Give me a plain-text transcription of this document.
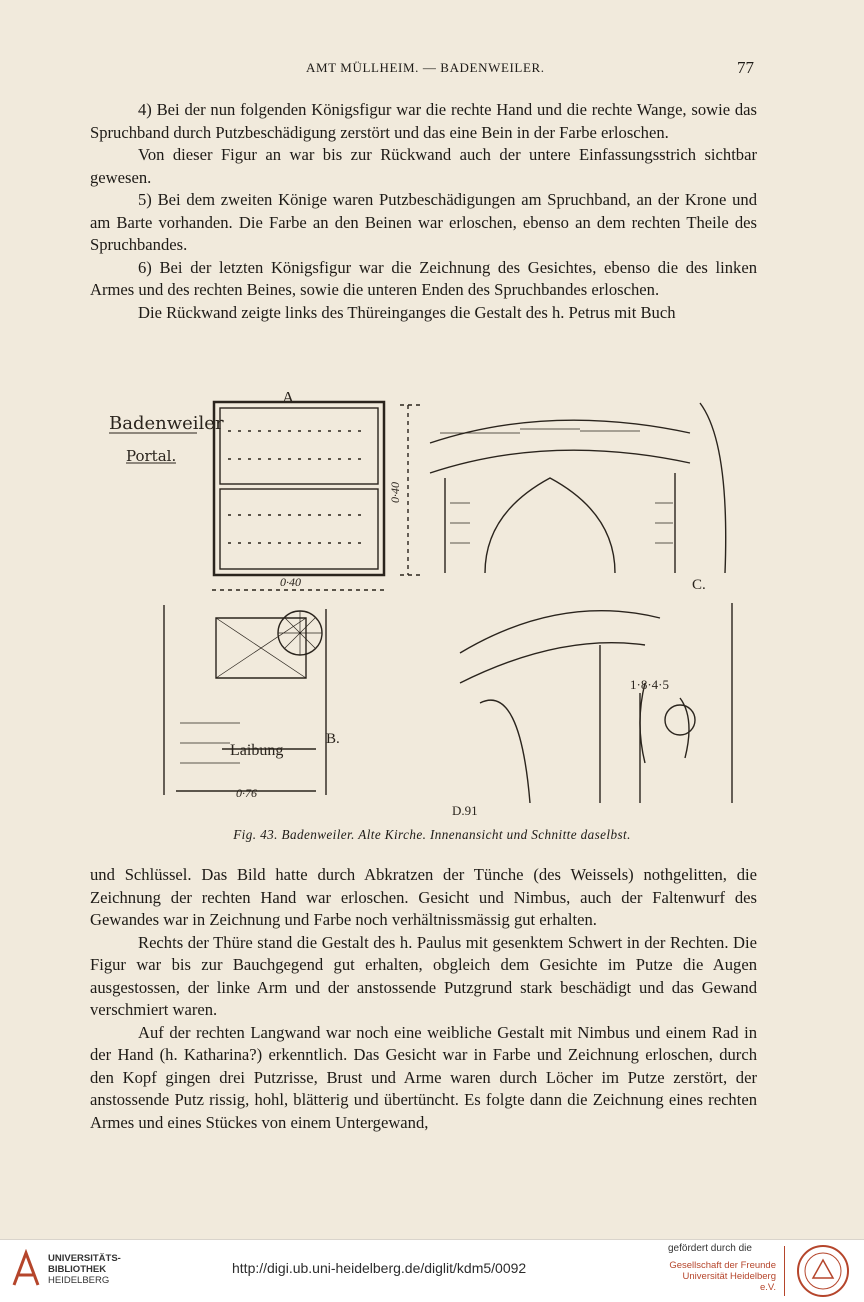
AMT MÜLLHEIM. — BADENWEILER.	77

4) Bei der nun folgenden Königsfigur war die rechte Hand und die rechte Wange, sowie das Spruchband durch Putzbeschädigung zerstört und das eine Bein in der Farbe erloschen.

Von dieser Figur an war bis zur Rückwand auch der untere Einfassungsstrich sichtbar gewesen.

5) Bei dem zweiten Könige waren Putzbeschädigungen am Spruchband, an der Krone und am Barte vorhanden. Die Farbe an den Beinen war erloschen, ebenso an dem rechten Theile des Spruchbandes.

6) Bei der letzten Königsfigur war die Zeichnung des Gesichtes, ebenso die des linken Armes und des rechten Beines, sowie die unteren Enden des Spruchbandes erloschen.

Die Rückwand zeigte links des Thüreinganges die Gestalt des h. Petrus mit Buch

A.
Badenweiler
Portal.
0·40
0·40
B.
Laibung
0·76
C.
1·8·4·5
D.91
Fig. 43. Badenweiler. Alte Kirche. Innenansicht und Schnitte daselbst.

und Schlüssel. Das Bild hatte durch Abkratzen der Tünche (des Weissels) nothgelitten, die Zeichnung der rechten Hand war erloschen. Gesicht und Nimbus, auch der Faltenwurf des Gewandes war in Zeichnung und Farbe noch verhältnissmässig gut erhalten.

Rechts der Thüre stand die Gestalt des h. Paulus mit gesenktem Schwert in der Rechten. Die Figur war bis zur Bauchgegend gut erhalten, obgleich dem Gesichte im Putze die Augen ausgestossen, der linke Arm und der anstossende Putzgrund stark beschädigt und das Gewand verschmiert waren.

Auf der rechten Langwand war noch eine weibliche Gestalt mit Nimbus und einem Rad in der Hand (h. Katharina?) erkenntlich. Das Gesicht war in Farbe und Zeichnung erloschen, durch den Kopf gingen drei Putzrisse, Brust und Arme waren durch Löcher im Putze zerstört, der anstossende Putz rissig, hohl, blätterig und übertüncht. Es folgte dann die Zeichnung eines rechten Armes und eines Stückes von einem Untergewand,

UNIVERSITÄTS-
BIBLIOTHEK
HEIDELBERG
http://digi.ub.uni-heidelberg.de/diglit/kdm5/0092
gefördert durch die
Gesellschaft der Freunde
Universität Heidelberg e.V.
